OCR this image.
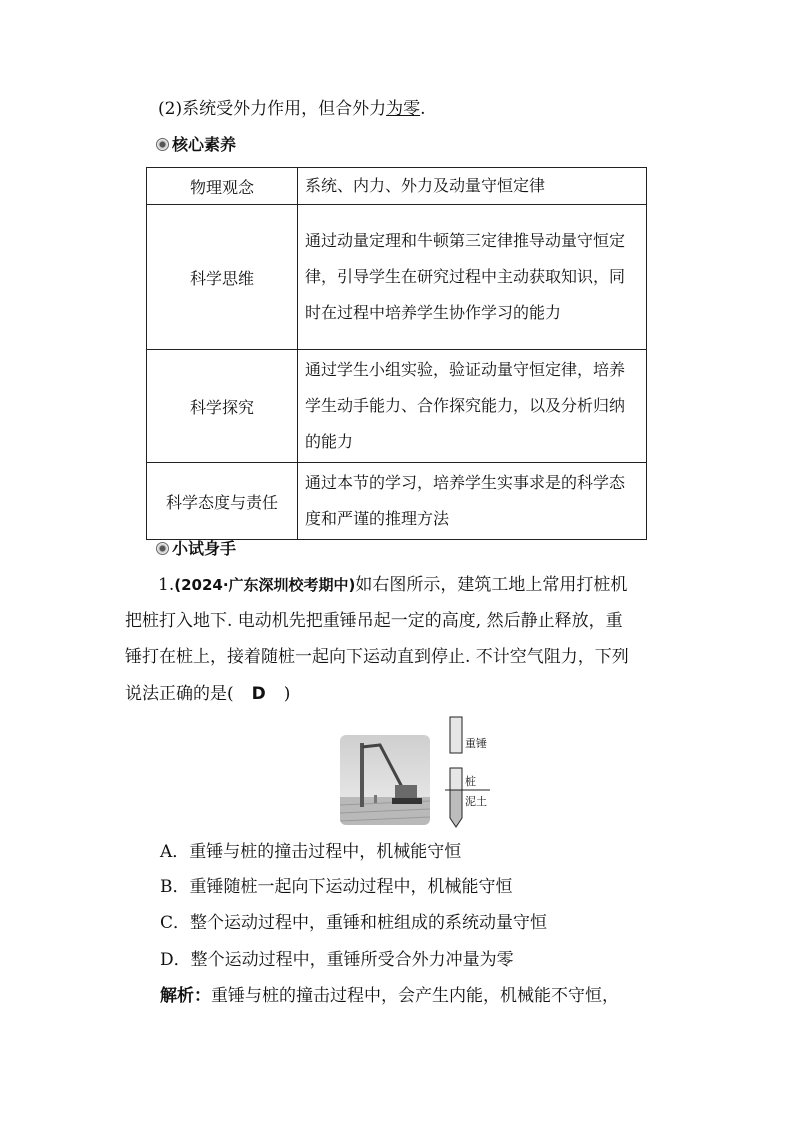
(2)系统受外力作用，但合外力为零.
核心素养
物理观念	系统、内力、外力及动量守恒定律
科学思维	通过动量定理和牛顿第三定律推导动量守恒定律，引导学生在研究过程中主动获取知识，同时在过程中培养学生协作学习的能力
科学探究	通过学生小组实验，验证动量守恒定律，培养学生动手能力、合作探究能力，以及分析归纳的能力
科学态度与责任	通过本节的学习，培养学生实事求是的科学态度和严谨的推理方法
小试身手
1.(2024·广东深圳校考期中)如右图所示，建筑工地上常用打桩机
把桩打入地下. 电动机先把重锤吊起一定的高度, 然后静止释放，重
锤打在桩上，接着随桩一起向下运动直到停止. 不计空气阻力，下列
说法正确的是( D )
重锤
桩
泥土
A．重锤与桩的撞击过程中，机械能守恒
B．重锤随桩一起向下运动过程中，机械能守恒
C．整个运动过程中，重锤和桩组成的系统动量守恒
D．整个运动过程中，重锤所受合外力冲量为零
解析：重锤与桩的撞击过程中，会产生内能，机械能不守恒，
